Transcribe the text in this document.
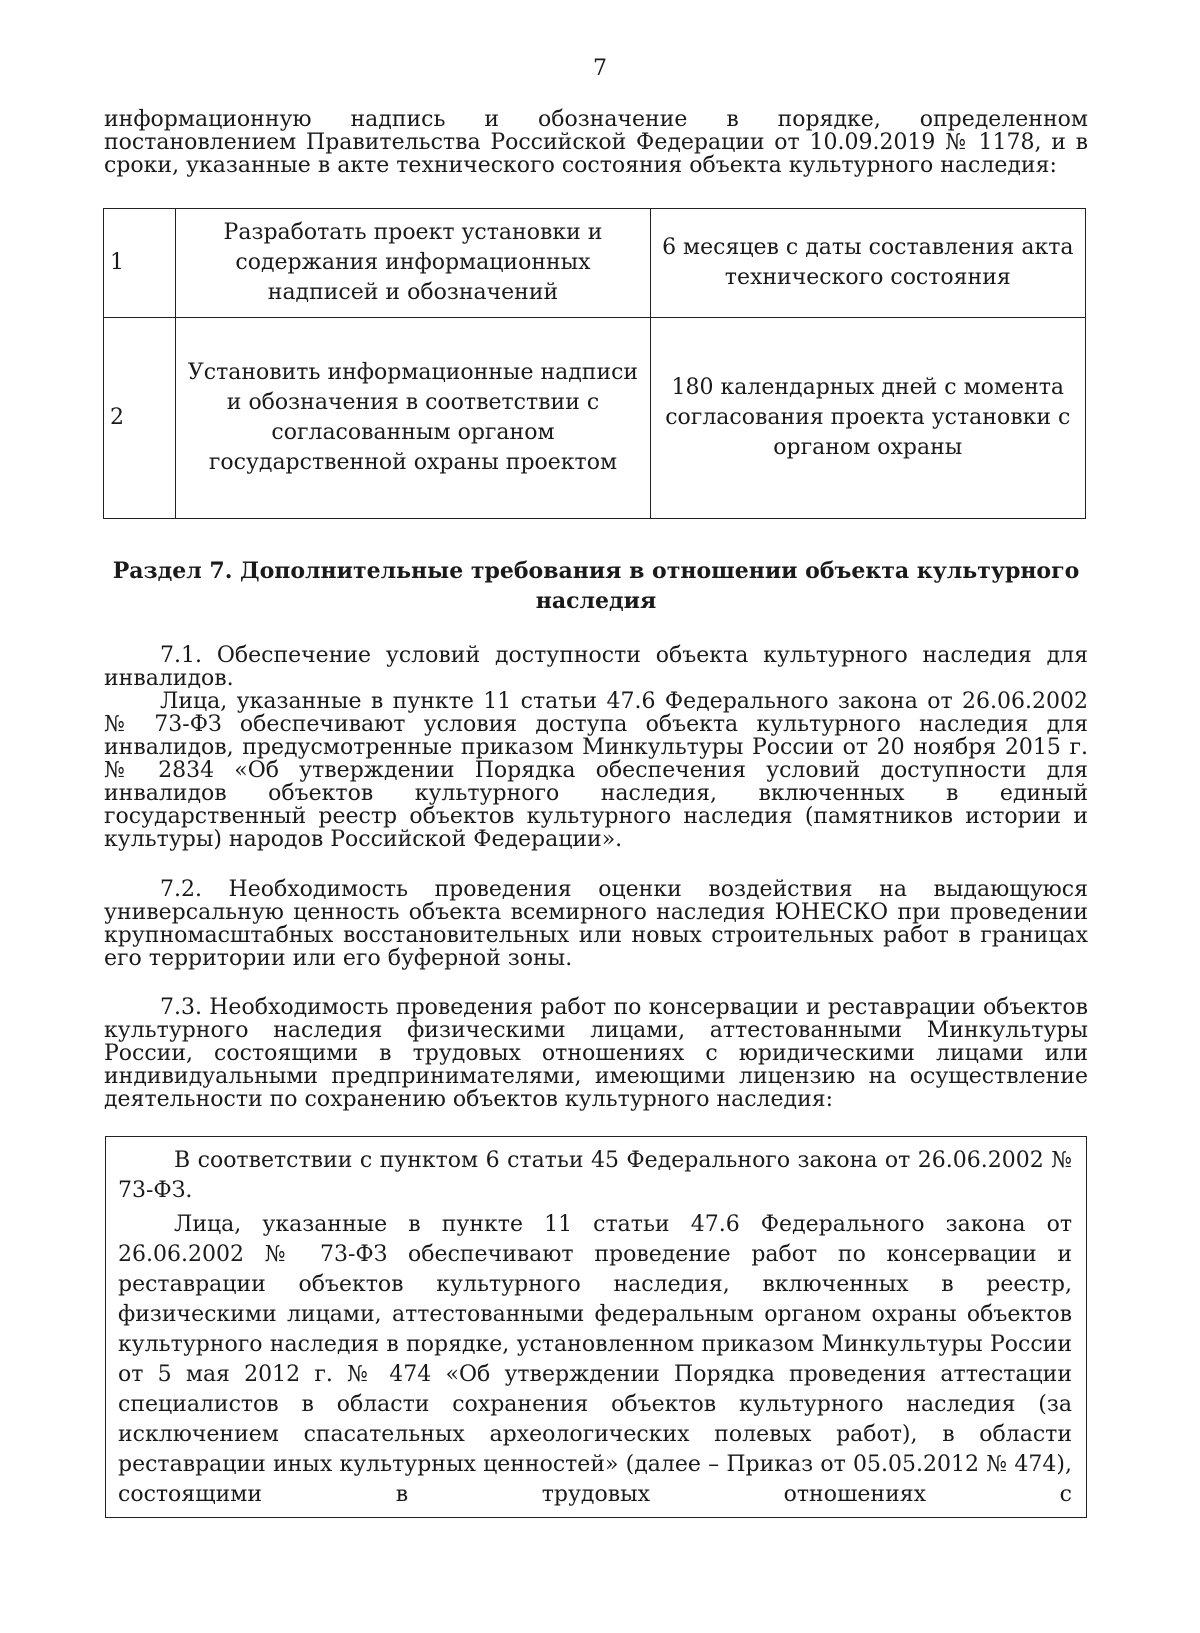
7

информационную надпись и обозначение в порядке, определенном постановлением Правительства Российской Федерации от 10.09.2019 № 1178, и в сроки, указанные в акте технического состояния объекта культурного наследия:

1	Разработать проект установки и содержания информационных надписей и обозначений	6 месяцев с даты составления акта технического состояния
2	Установить информационные надписи и обозначения в соответствии с согласованным органом государственной охраны проектом	180 календарных дней с момента согласования проекта установки с органом охраны
Раздел 7. Дополнительные требования в отношении объекта культурного наследия

7.1. Обеспечение условий доступности объекта культурного наследия для инвалидов.

Лица, указанные в пункте 11 статьи 47.6 Федерального закона от 26.06.2002 № 73-ФЗ обеспечивают условия доступа объекта культурного наследия для инвалидов, предусмотренные приказом Минкультуры России от 20 ноября 2015 г. № 2834 «Об утверждении Порядка обеспечения условий доступности для инвалидов объектов культурного наследия, включенных в единый государственный реестр объектов культурного наследия (памятников истории и культуры) народов Российской Федерации».

7.2. Необходимость проведения оценки воздействия на выдающуюся универсальную ценность объекта всемирного наследия ЮНЕСКО при проведении крупномасштабных восстановительных или новых строительных работ в границах его территории или его буферной зоны.

7.3. Необходимость проведения работ по консервации и реставрации объектов культурного наследия физическими лицами, аттестованными Минкультуры России, состоящими в трудовых отношениях с юридическими лицами или индивидуальными предпринимателями, имеющими лицензию на осуществление деятельности по сохранению объектов культурного наследия:

В соответствии с пунктом 6 статьи 45 Федерального закона от 26.06.2002 № 73-ФЗ.

Лица, указанные в пункте 11 статьи 47.6 Федерального закона от 26.06.2002 № 73-ФЗ обеспечивают проведение работ по консервации и реставрации объектов культурного наследия, включенных в реестр, физическими лицами, аттестованными федеральным органом охраны объектов культурного наследия в порядке, установленном приказом Минкультуры России от 5 мая 2012 г. № 474 «Об утверждении Порядка проведения аттестации специалистов в области сохранения объектов культурного наследия (за исключением спасательных археологических полевых работ), в области реставрации иных культурных ценностей» (далее – Приказ от 05.05.2012 № 474), состоящими в трудовых отношениях с
